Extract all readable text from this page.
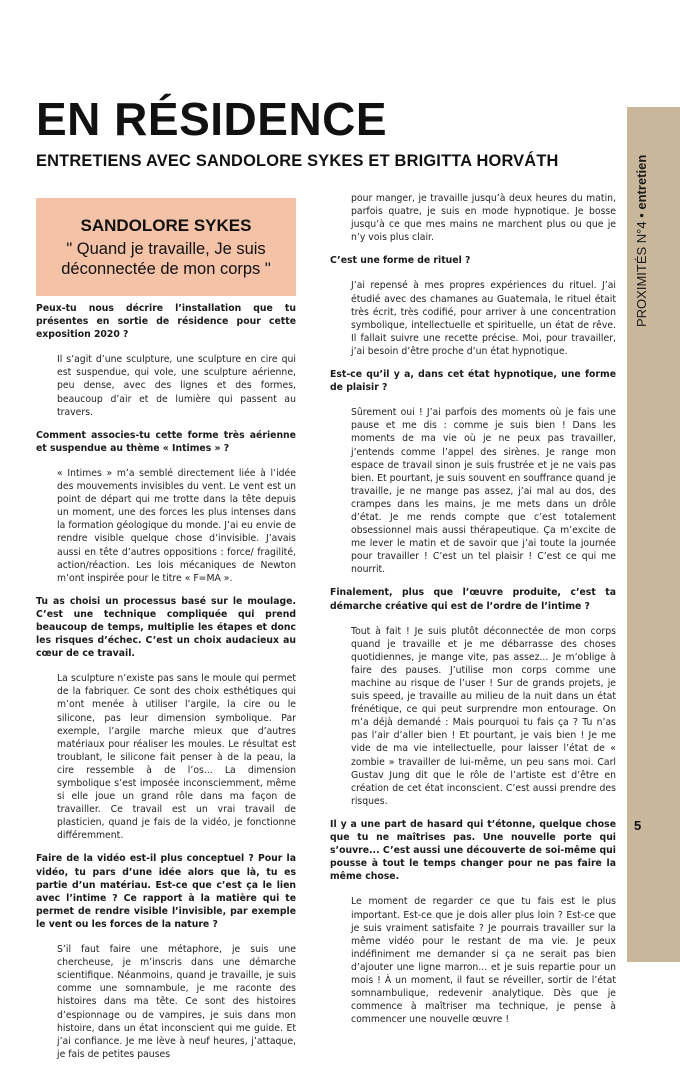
EN RÉSIDENCE
ENTRETIENS AVEC SANDOLORE SYKES ET BRIGITTA HORVÁTH
PROXIMITÉS N°4 • entretien
5
SANDOLORE SYKES
" Quand je travaille, Je suis déconnectée de mon corps "

Peux-tu nous décrire l’installation que tu présentes en sortie de résidence pour cette exposition 2020 ?

Il s’agit d’une sculpture, une sculpture en cire qui est suspendue, qui vole, une sculpture aérienne, peu dense, avec des lignes et des formes, beaucoup d’air et de lumière qui passent au travers.

Comment associes-tu cette forme très aérienne et suspendue au thème « Intimes » ?

« Intimes » m’a semblé directement liée à l’idée des mouvements invisibles du vent. Le vent est un point de départ qui me trotte dans la tête depuis un moment, une des forces les plus intenses dans la formation géologique du monde. J’ai eu envie de rendre visible quelque chose d’invisible. J’avais aussi en tête d’autres oppositions : force/ fragilité, action/réaction. Les lois mécaniques de Newton m’ont inspirée pour le titre « F=MA ».

Tu as choisi un processus basé sur le moulage. C’est une technique compliquée qui prend beaucoup de temps, multiplie les étapes et donc les risques d’échec. C’est un choix audacieux au cœur de ce travail.

La sculpture n’existe pas sans le moule qui permet de la fabriquer. Ce sont des choix esthétiques qui m’ont menée à utiliser l’argile, la cire ou le silicone, pas leur dimension symbolique. Par exemple, l’argile marche mieux que d’autres matériaux pour réaliser les moules. Le résultat est troublant, le silicone fait penser à de la peau, la cire ressemble à de l’os... La dimension symbolique s’est imposée inconsciemment, même si elle joue un grand rôle dans ma façon de travailler. Ce travail est un vrai travail de plasticien, quand je fais de la vidéo, je fonctionne différemment.

Faire de la vidéo est-il plus conceptuel ? Pour la vidéo, tu pars d’une idée alors que là, tu es partie d’un matériau. Est-ce que c’est ça le lien avec l’intime ? Ce rapport à la matière qui te permet de rendre visible l’invisible, par exemple le vent ou les forces de la nature ?

S’il faut faire une métaphore, je suis une chercheuse, je m’inscris dans une démarche scientifique. Néanmoins, quand je travaille, je suis comme une somnambule, je me raconte des histoires dans ma tête. Ce sont des histoires d’espionnage ou de vampires, je suis dans mon histoire, dans un état inconscient qui me guide. Et j’ai confiance. Je me lève à neuf heures, j’attaque, je fais de petites pauses

pour manger, je travaille jusqu’à deux heures du matin, parfois quatre, je suis en mode hypnotique. Je bosse jusqu’à ce que mes mains ne marchent plus ou que je n’y vois plus clair.

C’est une forme de rituel ?

J’ai repensé à mes propres expériences du rituel. J’ai étudié avec des chamanes au Guatemala, le rituel était très écrit, très codifié, pour arriver à une concentration symbolique, intellectuelle et spirituelle, un état de rêve. Il fallait suivre une recette précise. Moi, pour travailler, j’ai besoin d’être proche d’un état hypnotique.

Est-ce qu’il y a, dans cet état hypnotique, une forme de plaisir ?

Sûrement oui ! J’ai parfois des moments où je fais une pause et me dis : comme je suis bien ! Dans les moments de ma vie où je ne peux pas travailler, j’entends comme l’appel des sirènes. Je range mon espace de travail sinon je suis frustrée et je ne vais pas bien. Et pourtant, je suis souvent en souffrance quand je travaille, je ne mange pas assez, j’ai mal au dos, des crampes dans les mains, je me mets dans un drôle d’état. Je me rends compte que c’est totalement obsessionnel mais aussi thérapeutique. Ça m’excite de me lever le matin et de savoir que j’ai toute la journée pour travailler ! C’est un tel plaisir ! C’est ce qui me nourrit.

Finalement, plus que l’œuvre produite, c’est ta démarche créative qui est de l’ordre de l’intime ?

Tout à fait ! Je suis plutôt déconnectée de mon corps quand je travaille et je me débarrasse des choses quotidiennes, je mange vite, pas assez... Je m’oblige à faire des pauses. J’utilise mon corps comme une machine au risque de l’user ! Sur de grands projets, je suis speed, je travaille au milieu de la nuit dans un état frénétique, ce qui peut surprendre mon entourage. On m’a déjà demandé : Mais pourquoi tu fais ça ? Tu n’as pas l’air d’aller bien ! Et pourtant, je vais bien ! Je me vide de ma vie intellectuelle, pour laisser l’état de « zombie » travailler de lui-même, un peu sans moi. Carl Gustav Jung dit que le rôle de l’artiste est d’être en création de cet état inconscient. C’est aussi prendre des risques.

Il y a une part de hasard qui t’étonne, quelque chose que tu ne maîtrises pas. Une nouvelle porte qui s’ouvre... C’est aussi une découverte de soi-même qui pousse à tout le temps changer pour ne pas faire la même chose.

Le moment de regarder ce que tu fais est le plus important. Est-ce que je dois aller plus loin ? Est-ce que je suis vraiment satisfaite ? Je pourrais travailler sur la même vidéo pour le restant de ma vie. Je peux indéfiniment me demander si ça ne serait pas bien d’ajouter une ligne marron... et je suis repartie pour un mois ! À un moment, il faut se réveiller, sortir de l’état somnambulique, redevenir analytique. Dès que je commence à maîtriser ma technique, je pense à commencer une nouvelle œuvre !
